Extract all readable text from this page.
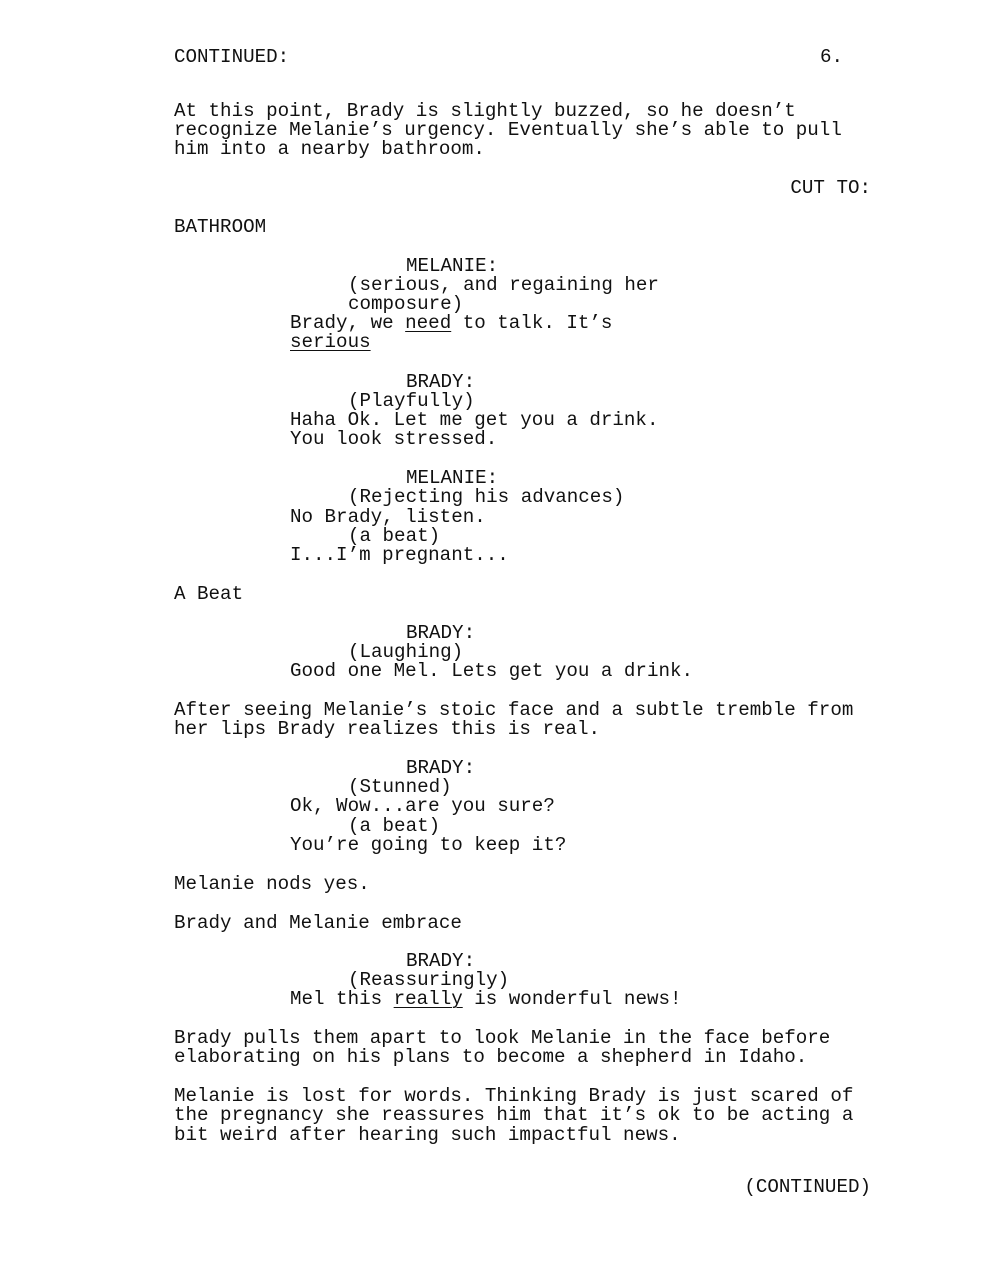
CONTINUED:	6.

At this point, Brady is slightly buzzed, so he doesn’t

recognize Melanie’s urgency. Eventually she’s able to pull

him into a nearby bathroom.

CUT TO:

BATHROOM

MELANIE:

(serious, and regaining her

composure)

Brady, we need to talk. It’s

serious

BRADY:

(Playfully)

Haha Ok. Let me get you a drink.

You look stressed.

MELANIE:

(Rejecting his advances)

No Brady, listen.

(a beat)

I...I’m pregnant...

A Beat

BRADY:

(Laughing)

Good one Mel. Lets get you a drink.

After seeing Melanie’s stoic face and a subtle tremble from

her lips Brady realizes this is real.

BRADY:

(Stunned)

Ok, Wow...are you sure?

(a beat)

You’re going to keep it?

Melanie nods yes.

Brady and Melanie embrace

BRADY:

(Reassuringly)

Mel this really is wonderful news!

Brady pulls them apart to look Melanie in the face before

elaborating on his plans to become a shepherd in Idaho.

Melanie is lost for words. Thinking Brady is just scared of

the pregnancy she reassures him that it’s ok to be acting a

bit weird after hearing such impactful news.

(CONTINUED)
